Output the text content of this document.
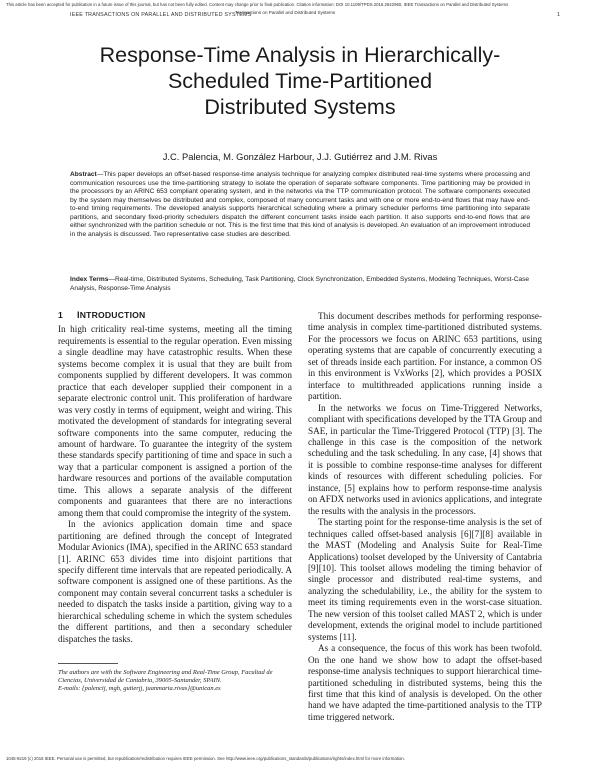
This article has been accepted for publication in a future issue of this journal, but has not been fully edited. Content may change prior to final publication. Citation information: DOI 10.1109/TPDS.2016.2642960, IEEE Transactions on Parallel and Distributed Systems
IEEE TRANSACTIONS ON PARALLEL AND DISTRIBUTED SYSTEMS
Transactions on Parallel and Distributed Systems	1
Response-Time Analysis in Hierarchically-
Scheduled Time-Partitioned
Distributed Systems
J.C. Palencia, M. González Harbour, J.J. Gutiérrez and J.M. Rivas
Abstract—This paper develops an offset-based response-time analysis technique for analyzing complex distributed real-time systems where processing and communication resources use the time-partitioning strategy to isolate the operation of separate software components. Time partitioning may be provided in the processors by an ARINC 653 compliant operating system, and in the networks via the TTP communication protocol. The software components executed by the system may themselves be distributed and complex, composed of many concurrent tasks and with one or more end-to-end flows that may have end-to-end timing requirements. The developed analysis supports hierarchical scheduling where a primary scheduler performs time partitioning into separate partitions, and secondary fixed-priority schedulers dispatch the different concurrent tasks inside each partition. It also supports end-to-end flows that are either synchronized with the partition schedule or not. This is the first time that this kind of analysis is developed. An evaluation of an improvement introduced in the analysis is discussed. Two representative case studies are described.
Index Terms—Real-time, Distributed Systems, Scheduling, Task Partitioning, Clock Synchronization, Embedded Systems, Modeling Techniques, Worst-Case Analysis, Response-Time Analysis
1 INTRODUCTION

In high criticality real-time systems, meeting all the timing requirements is essential to the regular operation. Even missing a single deadline may have catastrophic results. When these systems become complex it is usual that they are built from components supplied by different developers. It was common practice that each developer supplied their component in a separate electronic control unit. This proliferation of hardware was very costly in terms of equipment, weight and wiring. This motivated the development of standards for integrating several software components into the same computer, reducing the amount of hardware. To guarantee the integrity of the system these standards specify partitioning of time and space in such a way that a particular component is assigned a portion of the hardware resources and portions of the available computation time. This allows a separate analysis of the different components and guarantees that there are no interactions among them that could compromise the integrity of the system.

In the avionics application domain time and space partitioning are defined through the concept of Integrated Modular Avionics (IMA), specified in the ARINC 653 standard [1]. ARINC 653 divides time into disjoint partitions that specify different time intervals that are repeated periodically. A software component is assigned one of these partitions. As the component may contain several concurrent tasks a scheduler is needed to dispatch the tasks inside a partition, giving way to a hierarchical scheduling scheme in which the system schedules the different partitions, and then a secondary scheduler dispatches the tasks.

The authors are with the Software Engineering and Real-Time Group, Facultad de Ciencias, Universidad de Cantabria, 39005-Santander, SPAIN.
E-mails: {palencij, mgh, gutierjj, juanmaria.rivas}@unican.es

This document describes methods for performing response-time analysis in complex time-partitioned distributed systems. For the processors we focus on ARINC 653 partitions, using operating systems that are capable of concurrently executing a set of threads inside each partition. For instance, a common OS in this environment is VxWorks [2], which provides a POSIX interface to multithreaded applications running inside a partition.

In the networks we focus on Time-Triggered Networks, compliant with specifications developed by the TTA Group and SAE, in particular the Time-Triggered Protocol (TTP) [3]. The challenge in this case is the composition of the network scheduling and the task scheduling. In any case, [4] shows that it is possible to combine response-time analyses for different kinds of resources with different scheduling policies. For instance, [5] explains how to perform response-time analysis on AFDX networks used in avionics applications, and integrate the results with the analysis in the processors.

The starting point for the response-time analysis is the set of techniques called offset-based analysis [6][7][8] available in the MAST (Modeling and Analysis Suite for Real-Time Applications) toolset developed by the University of Cantabria [9][10]. This toolset allows modeling the timing behavior of single processor and distributed real-time systems, and analyzing the schedulability, i.e., the ability for the system to meet its timing requirements even in the worst-case situation. The new version of this toolset called MAST 2, which is under development, extends the original model to include partitioned systems [11].

As a consequence, the focus of this work has been twofold. On the one hand we show how to adapt the offset-based response-time analysis techniques to support hierarchical time-partitioned scheduling in distributed systems, being this the first time that this kind of analysis is developed. On the other hand we have adapted the time-partitioned analysis to the TTP time triggered network.

1045-9219 (c) 2016 IEEE. Personal use is permitted, but republication/redistribution requires IEEE permission. See http://www.ieee.org/publications_standards/publications/rights/index.html for more information.
